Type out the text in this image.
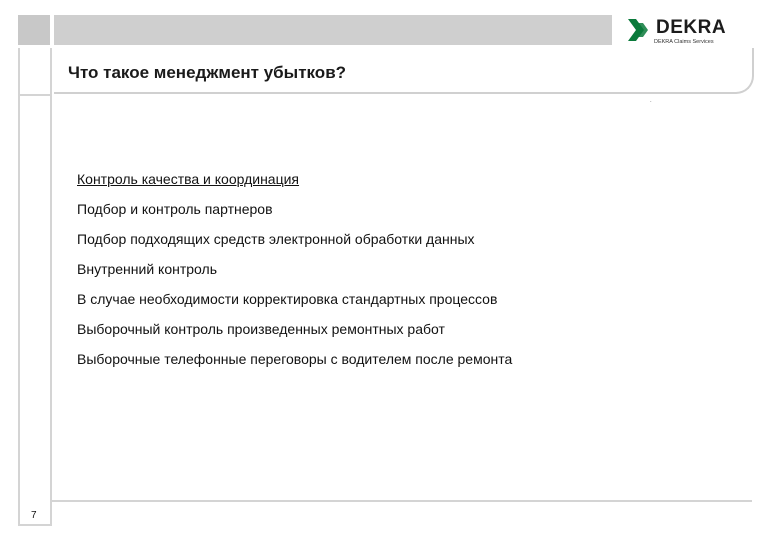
DEKRA
DEKRA Claims Services
Что такое менеджмент убытков?
.
7
Контроль качества и координация
Подбор и контроль партнеров
Подбор подходящих средств электронной обработки данных
Внутренний контроль
В случае необходимости корректировка стандартных процессов
Выборочный контроль произведенных ремонтных работ
Выборочные телефонные переговоры с водителем после ремонта
